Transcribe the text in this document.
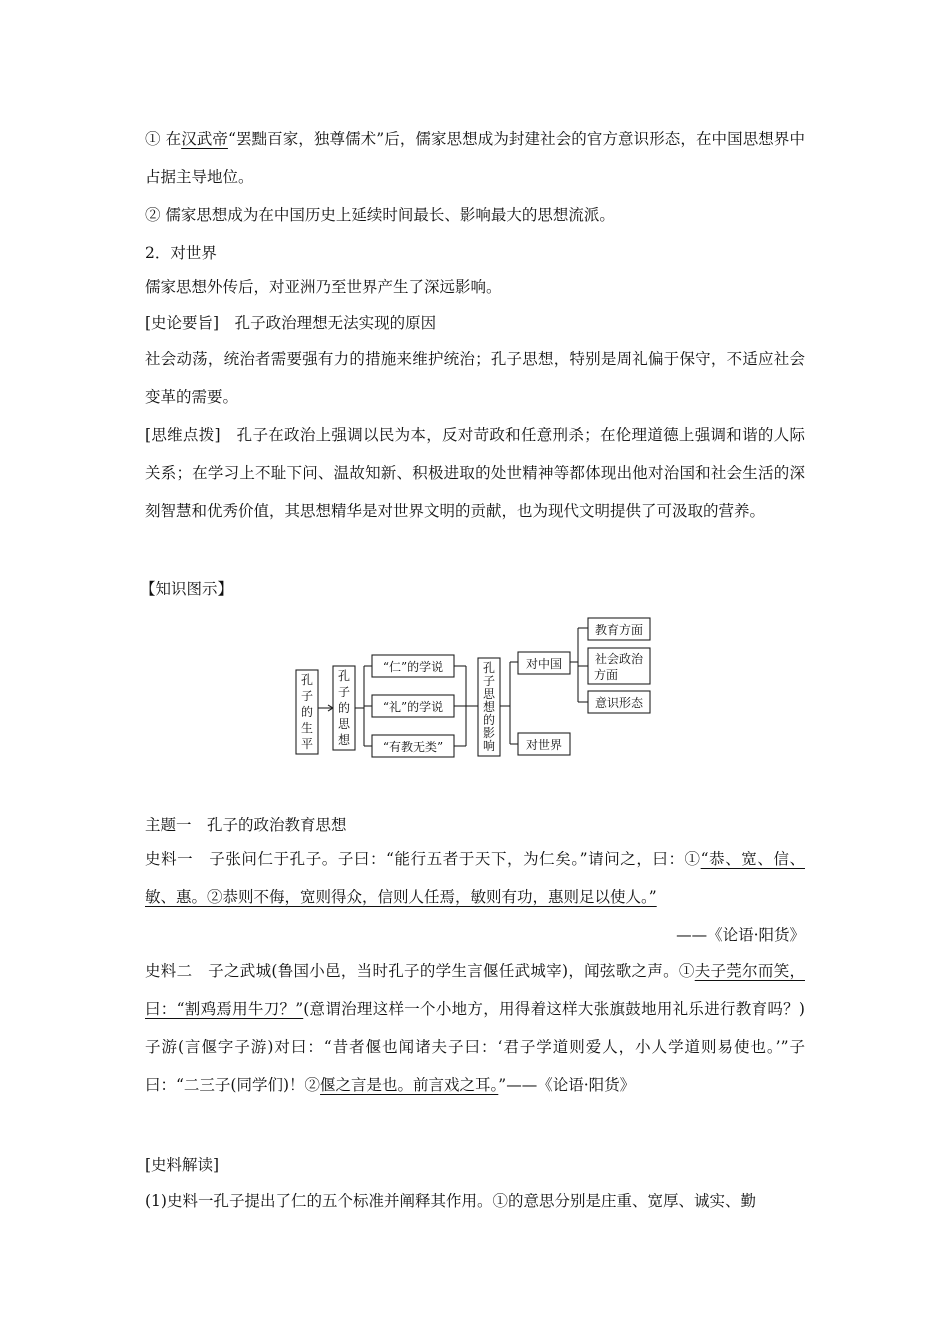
① 在汉武帝“罢黜百家，独尊儒术”后，儒家思想成为封建社会的官方意识形态，在中国思想界中占据主导地位。

② 儒家思想成为在中国历史上延续时间最长、影响最大的思想流派。

2．对世界

儒家思想外传后，对亚洲乃至世界产生了深远影响。

[史论要旨]　孔子政治理想无法实现的原因

社会动荡，统治者需要强有力的措施来维护统治；孔子思想，特别是周礼偏于保守，不适应社会变革的需要。

[思维点拨]　孔子在政治上强调以民为本，反对苛政和任意刑杀；在伦理道德上强调和谐的人际关系；在学习上不耻下问、温故知新、积极进取的处世精神等都体现出他对治国和社会生活的深刻智慧和优秀价值，其思想精华是对世界文明的贡献，也为现代文明提供了可汲取的营养。

【知识图示】

孔
子
的
生
平
孔
子
的
思
想
“仁”的学说
“礼”的学说
“有教无类”
孔
子
思
想
的
影
响
对中国
对世界
教育方面
社会政治
方面
意识形态

主题一　孔子的政治教育思想

史料一　子张问仁于孔子。子曰：“能行五者于天下，为仁矣。”请问之，曰：①“恭、宽、信、敏、惠。②恭则不侮，宽则得众，信则人任焉，敏则有功，惠则足以使人。”

——《论语·阳货》

史料二　子之武城(鲁国小邑，当时孔子的学生言偃任武城宰)，闻弦歌之声。①夫子莞尔而笑，曰：“割鸡焉用牛刀？”(意谓治理这样一个小地方，用得着这样大张旗鼓地用礼乐进行教育吗？)子游(言偃字子游)对曰：“昔者偃也闻诸夫子曰：‘君子学道则爱人，小人学道则易使也。’”子曰：“二三子(同学们)！②偃之言是也。前言戏之耳。”——《论语·阳货》

[史料解读]

(1)史料一孔子提出了仁的五个标准并阐释其作用。①的意思分别是庄重、宽厚、诚实、勤
